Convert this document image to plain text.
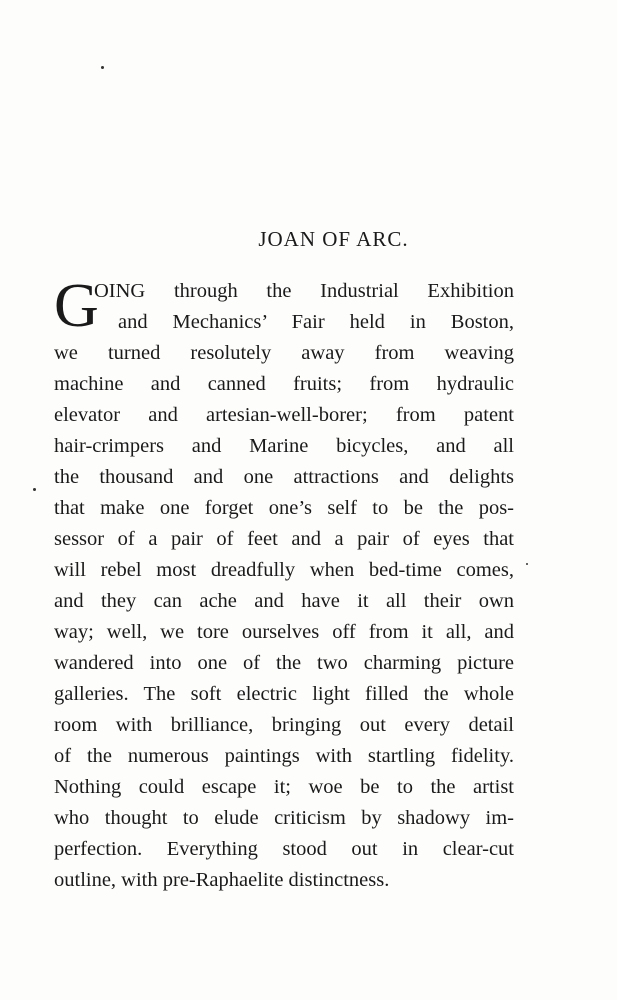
JOAN OF ARC.
G
OING through the Industrial Exhibition
and Mechanics’ Fair held in Boston,
we turned resolutely away from weaving
machine and canned fruits; from hydraulic
elevator and artesian-well-borer; from patent
hair-crimpers and Marine bicycles, and all
the thousand and one attractions and delights
that make one forget one’s self to be the pos-
sessor of a pair of feet and a pair of eyes that
will rebel most dreadfully when bed-time comes,
and they can ache and have it all their own
way; well, we tore ourselves off from it all, and
wandered into one of the two charming picture
galleries. The soft electric light filled the whole
room with brilliance, bringing out every detail
of the numerous paintings with startling fidelity.
Nothing could escape it; woe be to the artist
who thought to elude criticism by shadowy im-
perfection. Everything stood out in clear-cut
outline, with pre-Raphaelite distinctness.
